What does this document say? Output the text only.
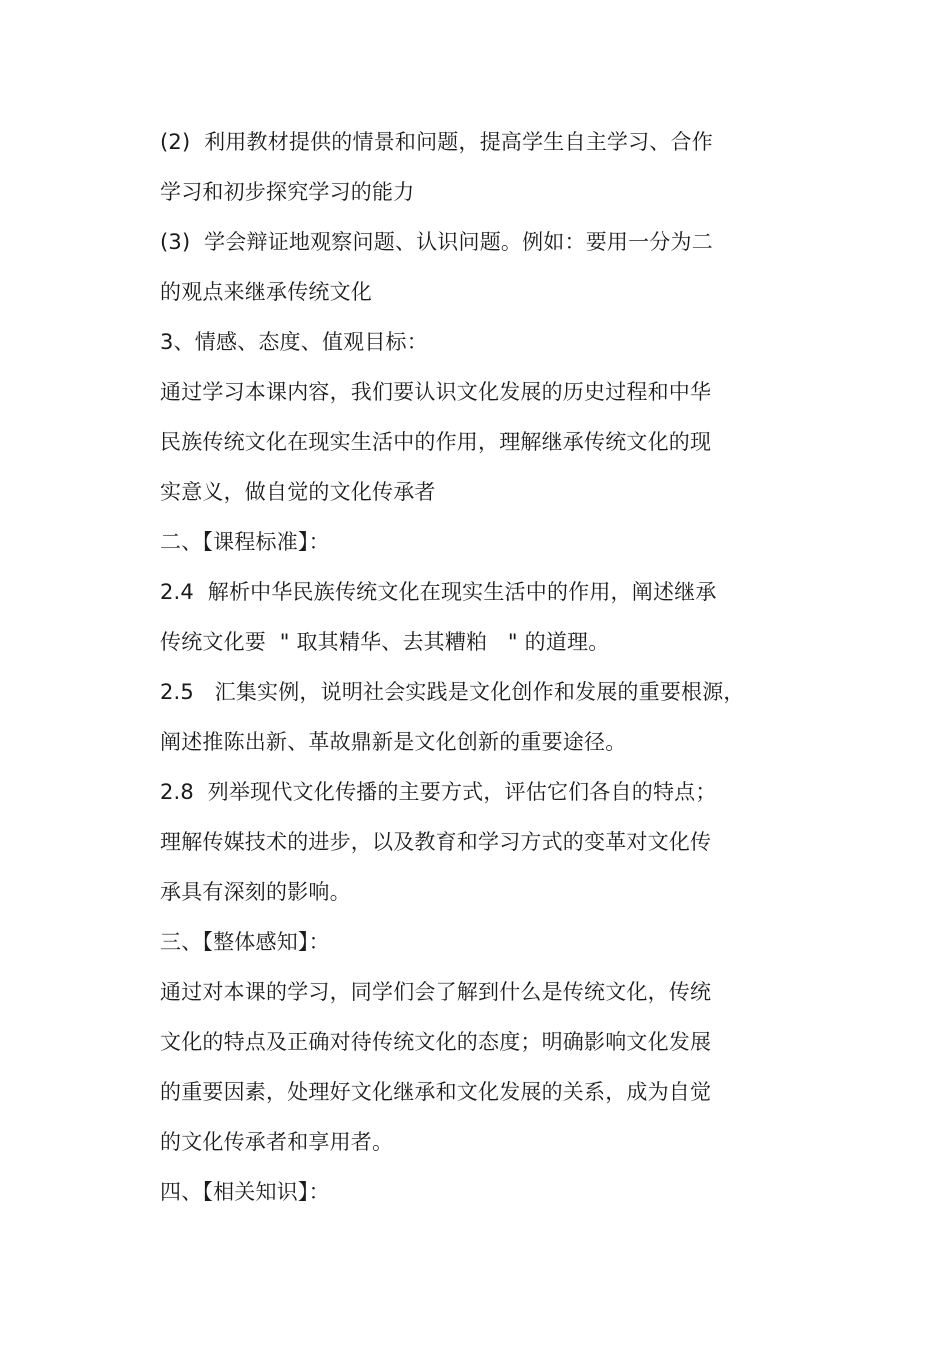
(2)  利用教材提供的情景和问题，提高学生自主学习、合作
学习和初步探究学习的能力
(3)  学会辩证地观察问题、认识问题。例如：要用一分为二
的观点来继承传统文化
3、情感、态度、值观目标：
通过学习本课内容，我们要认识文化发展的历史过程和中华
民族传统文化在现实生活中的作用，理解继承传统文化的现
实意义，做自觉的文化传承者
二、【课程标准】：
2.4  解析中华民族传统文化在现实生活中的作用，阐述继承
传统文化要  " 取其精华、去其糟粕   " 的道理。
2.5   汇集实例，说明社会实践是文化创作和发展的重要根源，
阐述推陈出新、革故鼎新是文化创新的重要途径。
2.8  列举现代文化传播的主要方式，评估它们各自的特点；
理解传媒技术的进步，以及教育和学习方式的变革对文化传
承具有深刻的影响。
三、【整体感知】：
通过对本课的学习，同学们会了解到什么是传统文化，传统
文化的特点及正确对待传统文化的态度；明确影响文化发展
的重要因素，处理好文化继承和文化发展的关系，成为自觉
的文化传承者和享用者。
四、【相关知识】：
